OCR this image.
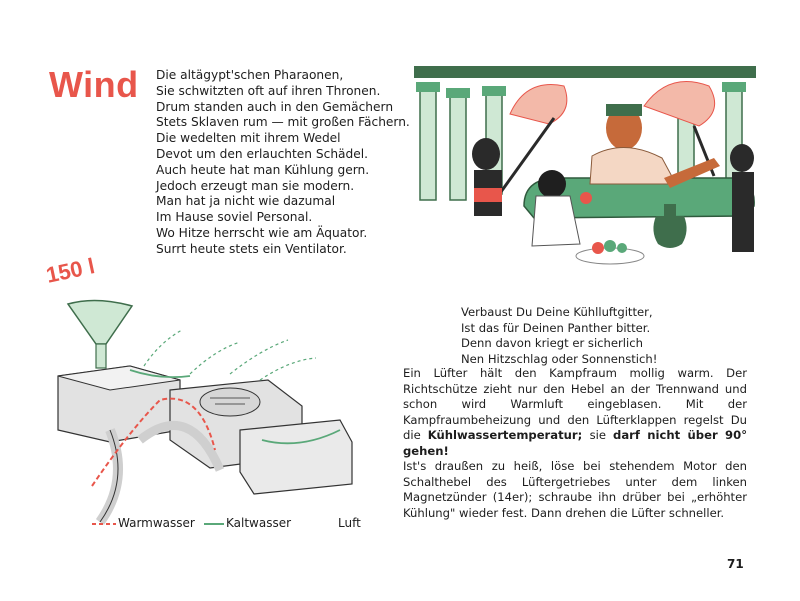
Wind Die altägypt'schen Pharaonen,
Sie schwitzten oft auf ihren Thronen.
Drum standen auch in den Gemächern
Stets Sklaven rum — mit großen Fächern.
Die wedelten mit ihrem Wedel
Devot um den erlauchten Schädel.
Auch heute hat man Kühlung gern.
Jedoch erzeugt man sie modern.
Man hat ja nicht wie dazumal
Im Hause soviel Personal.
Wo Hitze herrscht wie am Äquator.
Surrt heute stets ein Ventilator.
150 l
Warmwasser	Kaltwasser	Luft
Verbaust Du Deine Kühlluftgitter,
Ist das für Deinen Panther bitter.
Denn davon kriegt er sicherlich
Nen Hitzschlag oder Sonnenstich!
Ein Lüfter hält den Kampfraum mollig warm. Der Richtschütze zieht nur den Hebel an der Trennwand und schon wird Warmluft eingeblasen. Mit der Kampfraumbeheizung und den Lüfterklappen regelst Du die Kühlwassertemperatur; sie darf nicht über 90° gehen!
Ist's draußen zu heiß, löse bei stehendem Motor den Schalthebel des Lüftergetriebes unter dem linken Magnetzünder (14er); schraube ihn drüber bei „erhöhter Kühlung" wieder fest. Dann drehen die Lüfter schneller.
71
